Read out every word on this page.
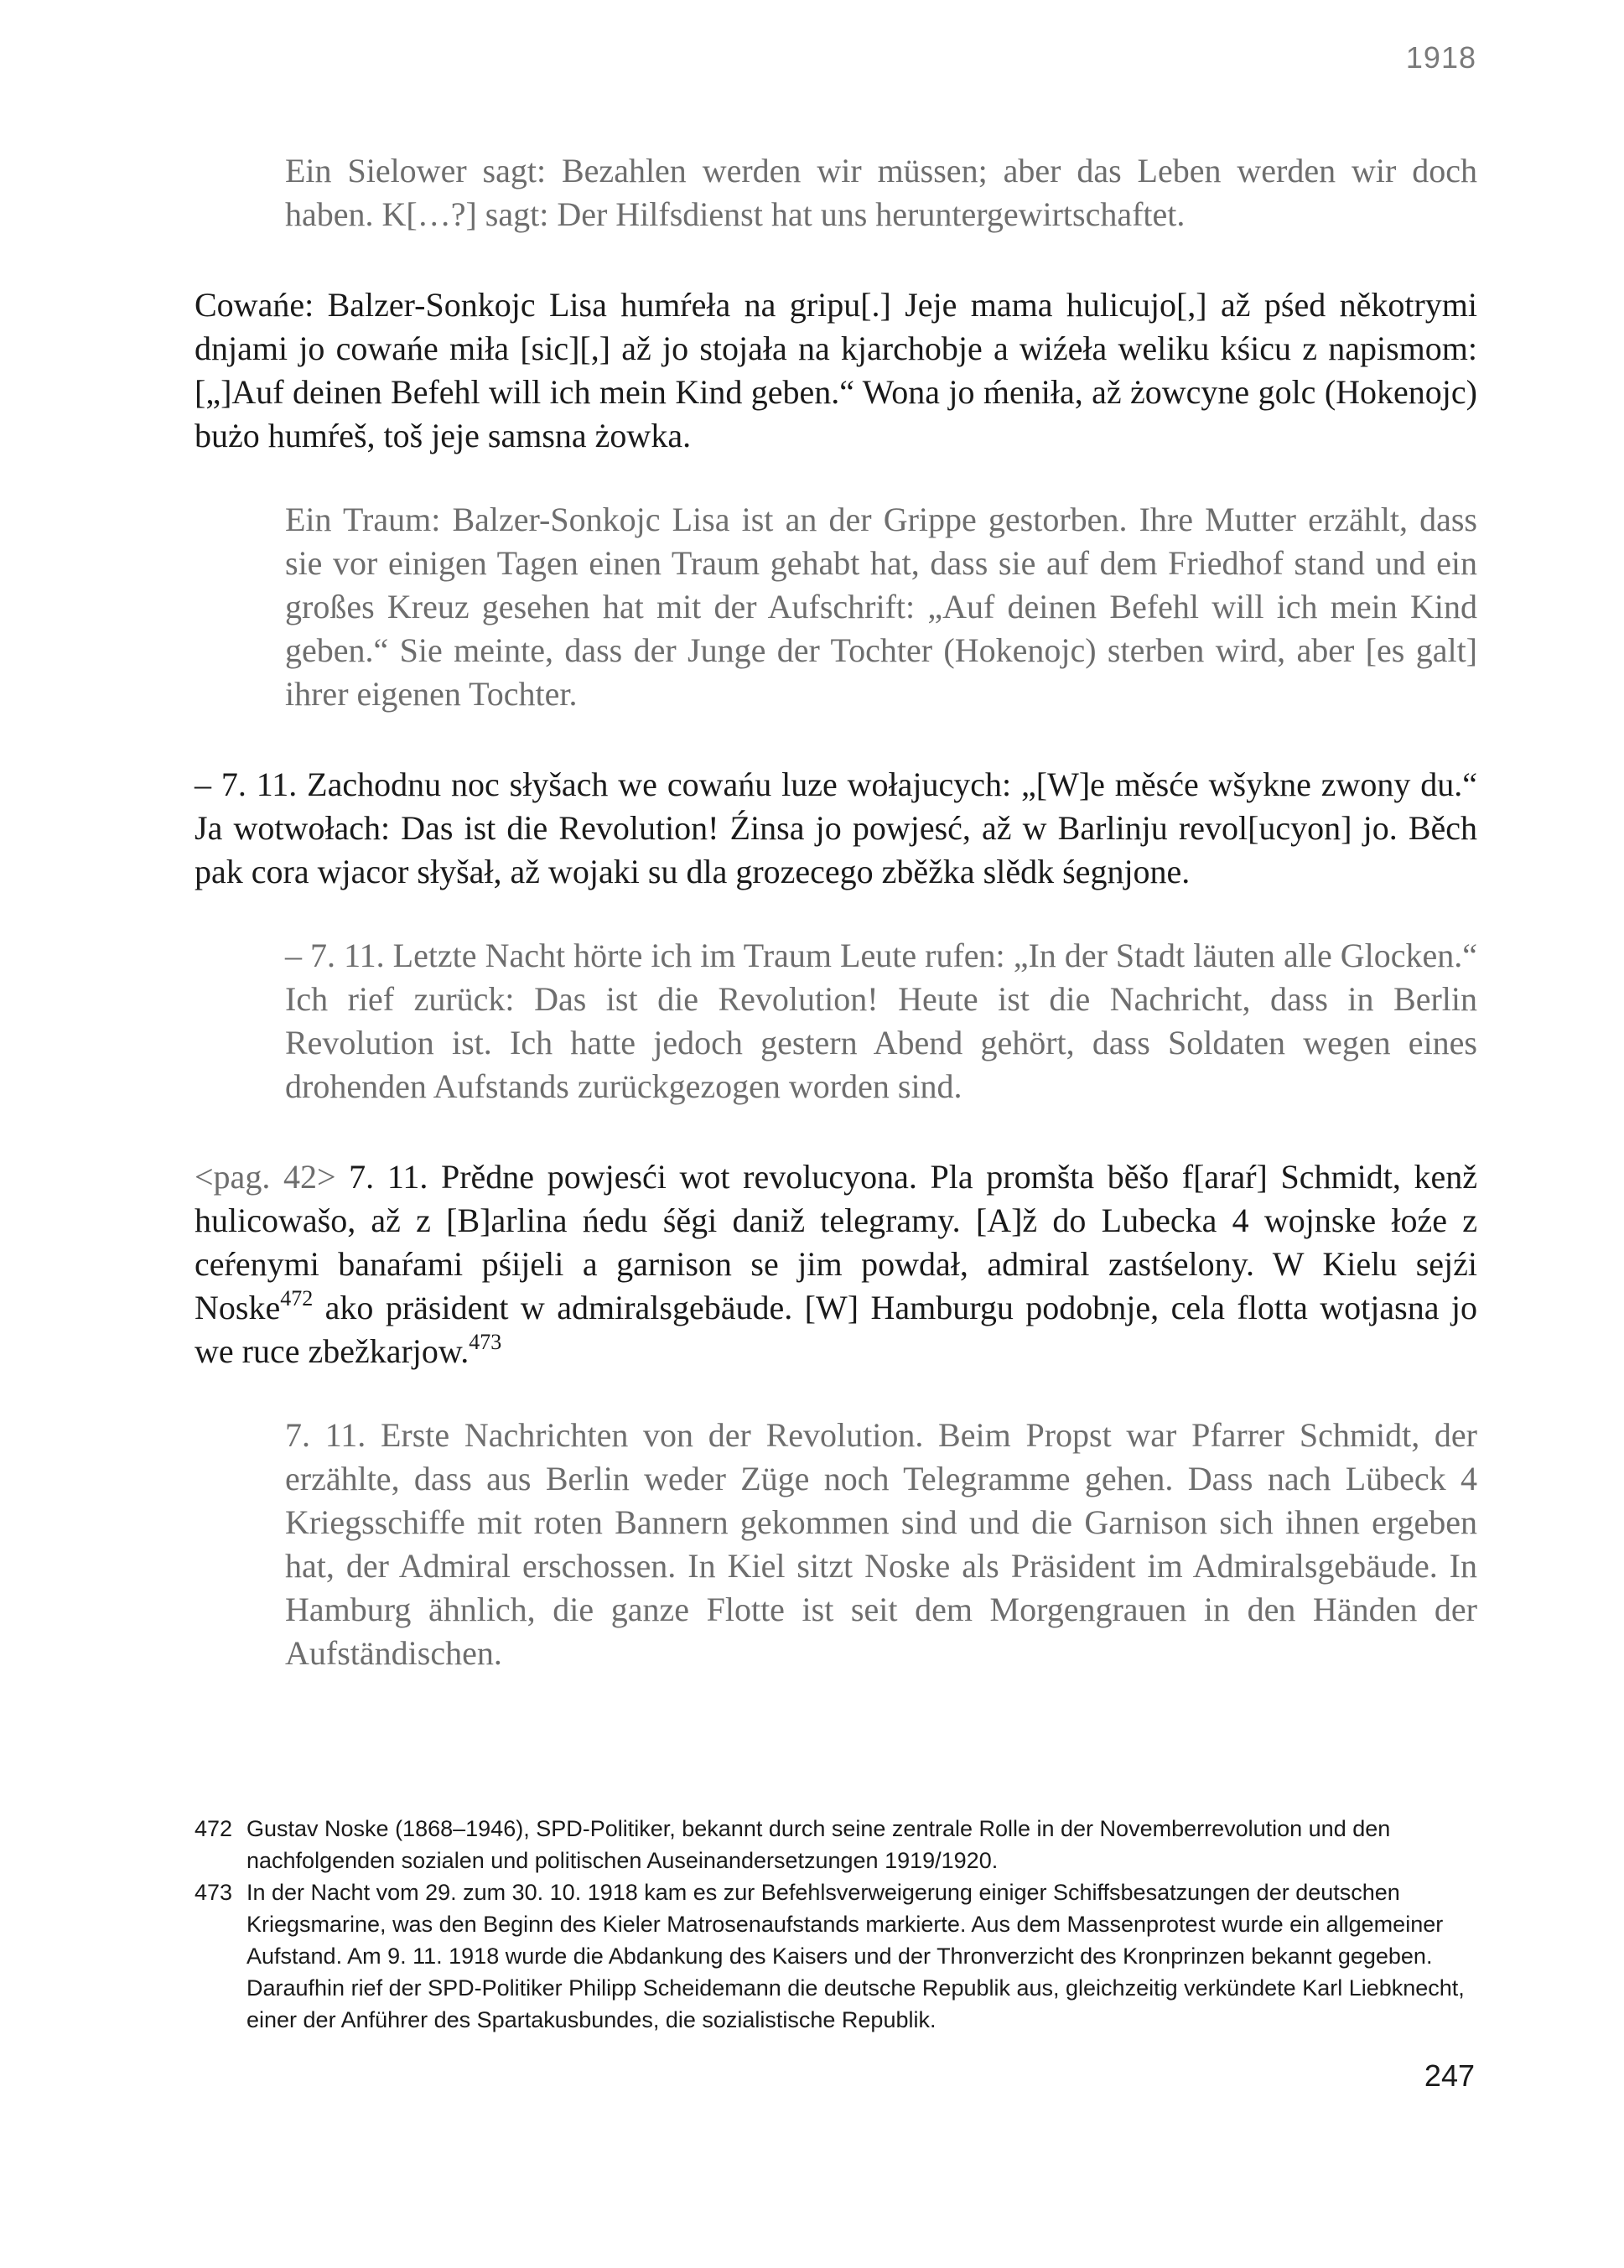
1918

Ein Sielower sagt: Bezahlen werden wir müssen; aber das Leben werden wir doch haben. K[…?] sagt: Der Hilfsdienst hat uns heruntergewirtschaftet.

Cowańe: Balzer-Sonkojc Lisa humŕeła na gripu[.] Jeje mama hulicujo[,] až pśed někotrymi dnjami jo cowańe miła [sic][,] až jo stojała na kjarchobje a wiźeła weliku kśicu z napismom: [„]Auf deinen Befehl will ich mein Kind geben.“ Wona jo ḿeniła, až żowcyne golc (Hokenojc) bużo humŕeš, toš jeje samsna żowka.

Ein Traum: Balzer-Sonkojc Lisa ist an der Grippe gestorben. Ihre Mutter erzählt, dass sie vor einigen Tagen einen Traum gehabt hat, dass sie auf dem Friedhof stand und ein großes Kreuz gesehen hat mit der Aufschrift: „Auf deinen Befehl will ich mein Kind geben.“ Sie meinte, dass der Junge der Tochter (Hokenojc) sterben wird, aber [es galt] ihrer eigenen Tochter.

– 7. 11. Zachodnu noc słyšach we cowańu luze wołajucych: „[W]e měsćе wšykne zwony du.“ Ja wotwołach: Das ist die Revolution! Źinsa jo powjesć, až w Barlinju revol[ucyon] jo. Běch pak cora wjacor słyšał, až wojaki su dla grozecego zběžka slědk śegnjone.

– 7. 11. Letzte Nacht hörte ich im Traum Leute rufen: „In der Stadt läuten alle Glocken.“ Ich rief zurück: Das ist die Revolution! Heute ist die Nachricht, dass in Berlin Revolution ist. Ich hatte jedoch gestern Abend gehört, dass Soldaten wegen eines drohenden Aufstands zurückgezogen worden sind.

<pag. 42> 7. 11. Prědne powjesći wot revolucyona. Pla promšta běšo f[araŕ] Schmidt, kenž hulicowašo, až z [B]arlina ńedu śěgi daniž telegramy. [A]ž do Lubecka 4 wojnske łoźe z ceŕenymi banaŕami pśijeli a garnison se jim powdał, admiral zastśelony. W Kielu sejźi Noske$^{472}$ ako präsident w admiralsgebäude. [W] Hamburgu podobnje, cela flotta wotjasna jo we ruce zbežkarjow.$^{473}$

7. 11. Erste Nachrichten von der Revolution. Beim Propst war Pfarrer Schmidt, der erzählte, dass aus Berlin weder Züge noch Telegramme gehen. Dass nach Lübeck 4 Kriegsschiffe mit roten Bannern gekommen sind und die Garnison sich ihnen ergeben hat, der Admiral erschossen. In Kiel sitzt Noske als Präsident im Admiralsgebäude. In Hamburg ähnlich, die ganze Flotte ist seit dem Morgengrauen in den Händen der Aufständischen.

472 Gustav Noske (1868–1946), SPD-Politiker, bekannt durch seine zentrale Rolle in der Novemberrevolution und den nachfolgenden sozialen und politischen Auseinandersetzungen 1919/1920.

473 In der Nacht vom 29. zum 30. 10. 1918 kam es zur Befehlsverweigerung einiger Schiffsbesatzungen der deutschen Kriegsmarine, was den Beginn des Kieler Matrosenaufstands markierte. Aus dem Massenprotest wurde ein allgemeiner Aufstand. Am 9. 11. 1918 wurde die Abdankung des Kaisers und der Thronverzicht des Kronprinzen bekannt gegeben. Daraufhin rief der SPD-Politiker Philipp Scheidemann die deutsche Republik aus, gleichzeitig verkündete Karl Liebknecht, einer der Anführer des Spartakusbundes, die sozialistische Republik.

247
